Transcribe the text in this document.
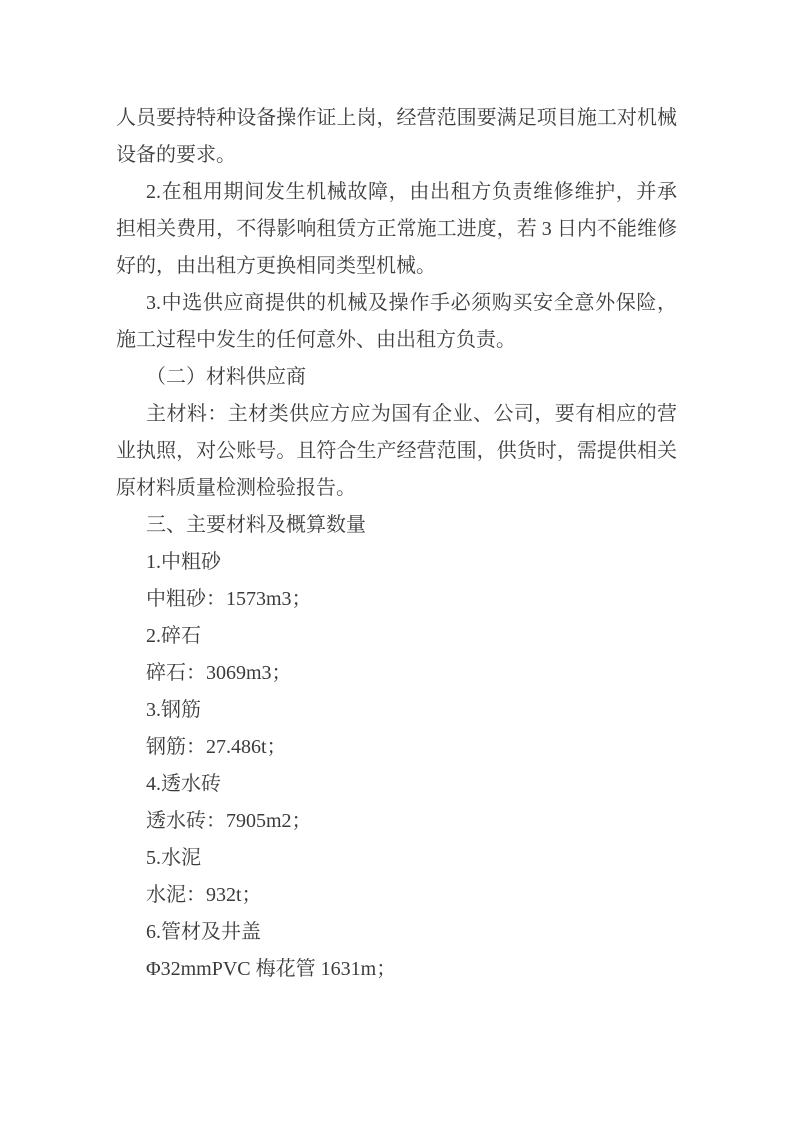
人员要持特种设备操作证上岗，经营范围要满足项目施工对机械设备的要求。

2.在租用期间发生机械故障，由出租方负责维修维护，并承担相关费用，不得影响租赁方正常施工进度，若 3 日内不能维修好的，由出租方更换相同类型机械。

3.中选供应商提供的机械及操作手必须购买安全意外保险，施工过程中发生的任何意外、由出租方负责。

（二）材料供应商

主材料：主材类供应方应为国有企业、公司，要有相应的营业执照，对公账号。且符合生产经营范围，供货时，需提供相关原材料质量检测检验报告。

三、主要材料及概算数量

1.中粗砂

中粗砂：1573m3；

2.碎石

碎石：3069m3；

3.钢筋

钢筋：27.486t；

4.透水砖

透水砖：7905m2；

5.水泥

水泥：932t；

6.管材及井盖

Φ32mmPVC 梅花管 1631m；
